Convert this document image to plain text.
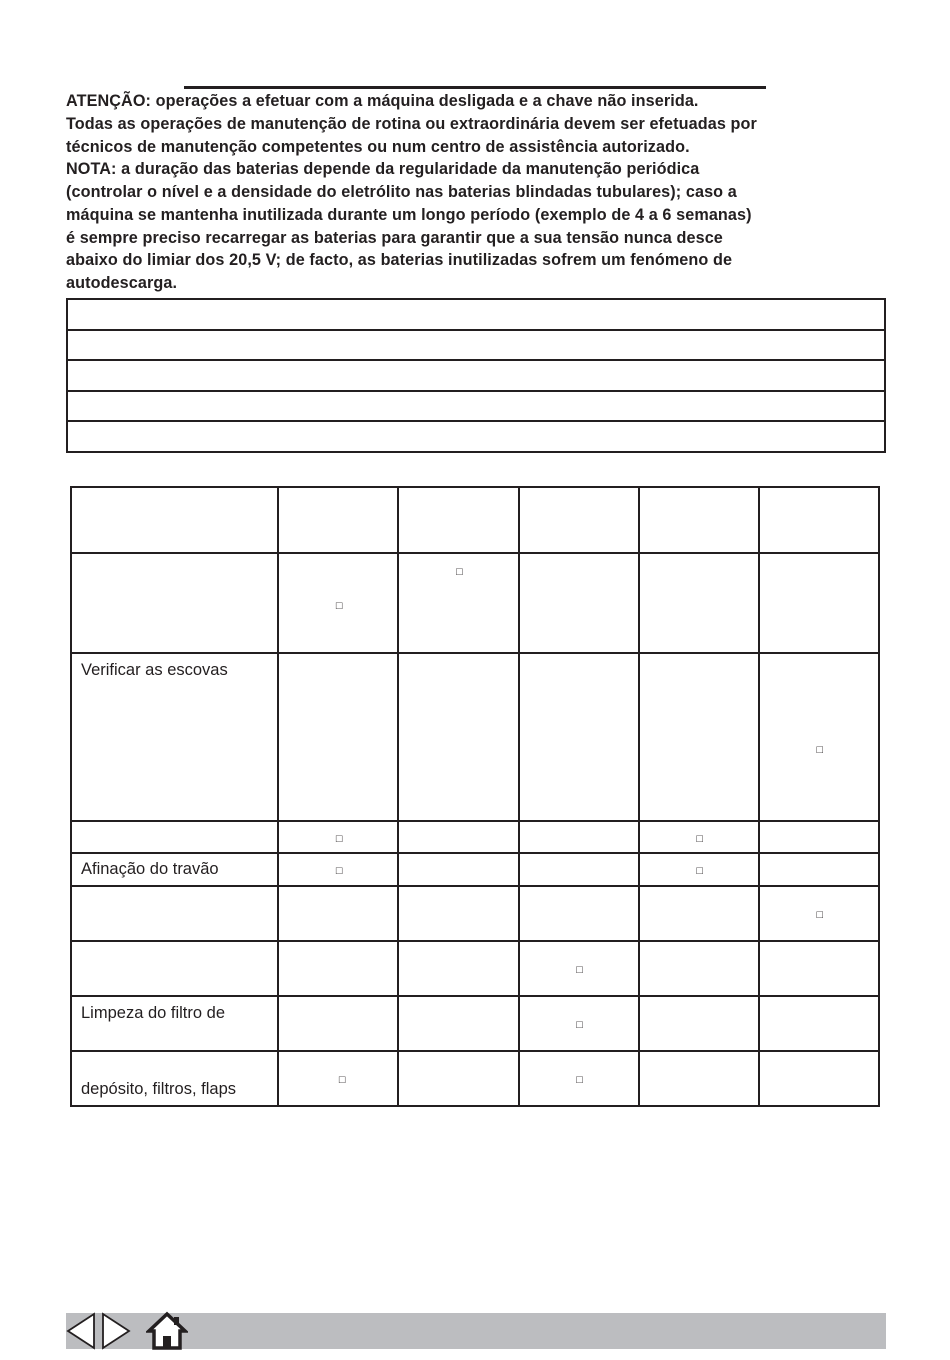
ATENÇÃO: operações a efetuar com a máquina desligada e a chave não inserida.

Todas as operações de manutenção de rotina ou extraordinária devem ser efetuadas por

técnicos de manutenção competentes ou num centro de assistência autorizado.

NOTA: a duração das baterias depende da regularidade da manutenção periódica

(controlar o nível e a densidade do eletrólito nas baterias blindadas tubulares); caso a

máquina se mantenha inutilizada durante um longo período (exemplo de 4 a 6 semanas)

é sempre preciso recarregar as baterias para garantir que a sua tensão nunca desce

abaixo do limiar dos 20,5 V; de facto, as baterias inutilizadas sofrem um fenómeno de

autodescarga.

	□	□			

Verificar as escovas					□

	□			□	

Afinação do travão	□			□	

					□

			□		

Limpeza do filtro de			□		

depósito, filtros, flaps	□		□		
